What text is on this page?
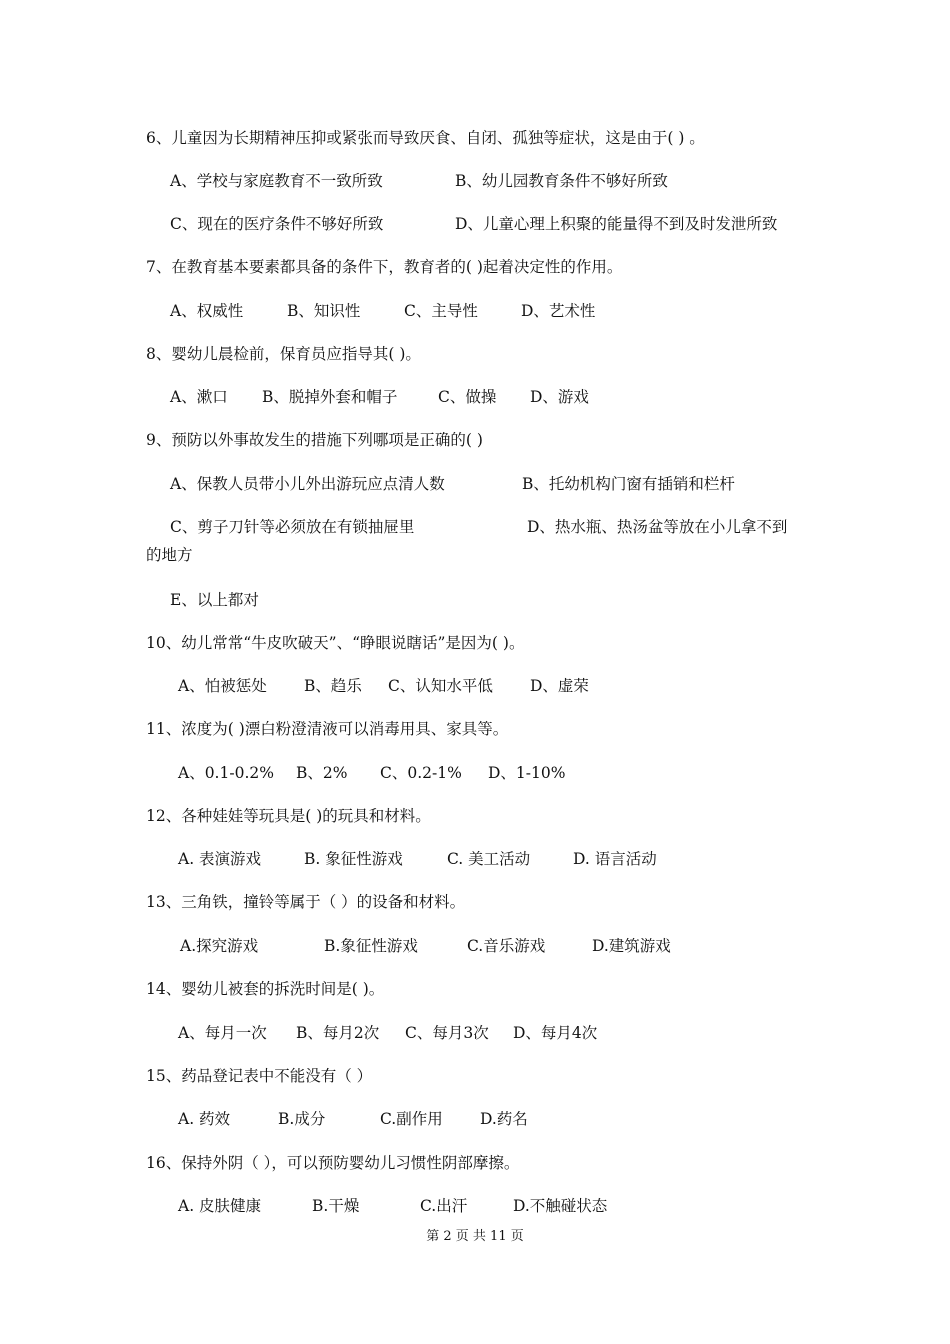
6、儿童因为长期精神压抑或紧张而导致厌食、自闭、孤独等症状，这是由于( ) 。
A、学校与家庭教育不一致所致	B、幼儿园教育条件不够好所致
C、现在的医疗条件不够好所致	D、儿童心理上积聚的能量得不到及时发泄所致
7、在教育基本要素都具备的条件下，教育者的( )起着决定性的作用。
A、权威性	B、知识性	C、主导性	D、艺术性
8、婴幼儿晨检前，保育员应指导其( )。
A、漱口 B、脱掉外套和帽子	C、做操 D、游戏
9、预防以外事故发生的措施下列哪项是正确的( )
A、保教人员带小儿外出游玩应点清人数	B、托幼机构门窗有插销和栏杆
C、剪子刀针等必须放在有锁抽屉里	D、热水瓶、热汤盆等放在小儿拿不到
的地方
E、以上都对
10、幼儿常常“牛皮吹破天”、“睁眼说瞎话”是因为( )。
A、怕被惩处 B、趋乐 C、认知水平低 D、虚荣
11、浓度为( )漂白粉澄清液可以消毒用具、家具等。
A、0.1-0.2% B、2% C、0.2-1% D、1-10%
12、各种娃娃等玩具是( )的玩具和材料。
A. 表演游戏	B. 象征性游戏	C. 美工活动	D. 语言活动
13、三角铁，撞铃等属于（ ）的设备和材料。
A.探究游戏	B.象征性游戏	C.音乐游戏	D.建筑游戏
14、婴幼儿被套的拆洗时间是( )。
A、每月一次 B、每月2次 C、每月3次 D、每月4次
15、药品登记表中不能没有（ ）
A. 药效	B.成分	C.副作用 D.药名
16、保持外阴（ ），可以预防婴幼儿习惯性阴部摩擦。
A. 皮肤健康	B.干燥	C.出汗	D.不触碰状态
第 2 页 共 11 页
